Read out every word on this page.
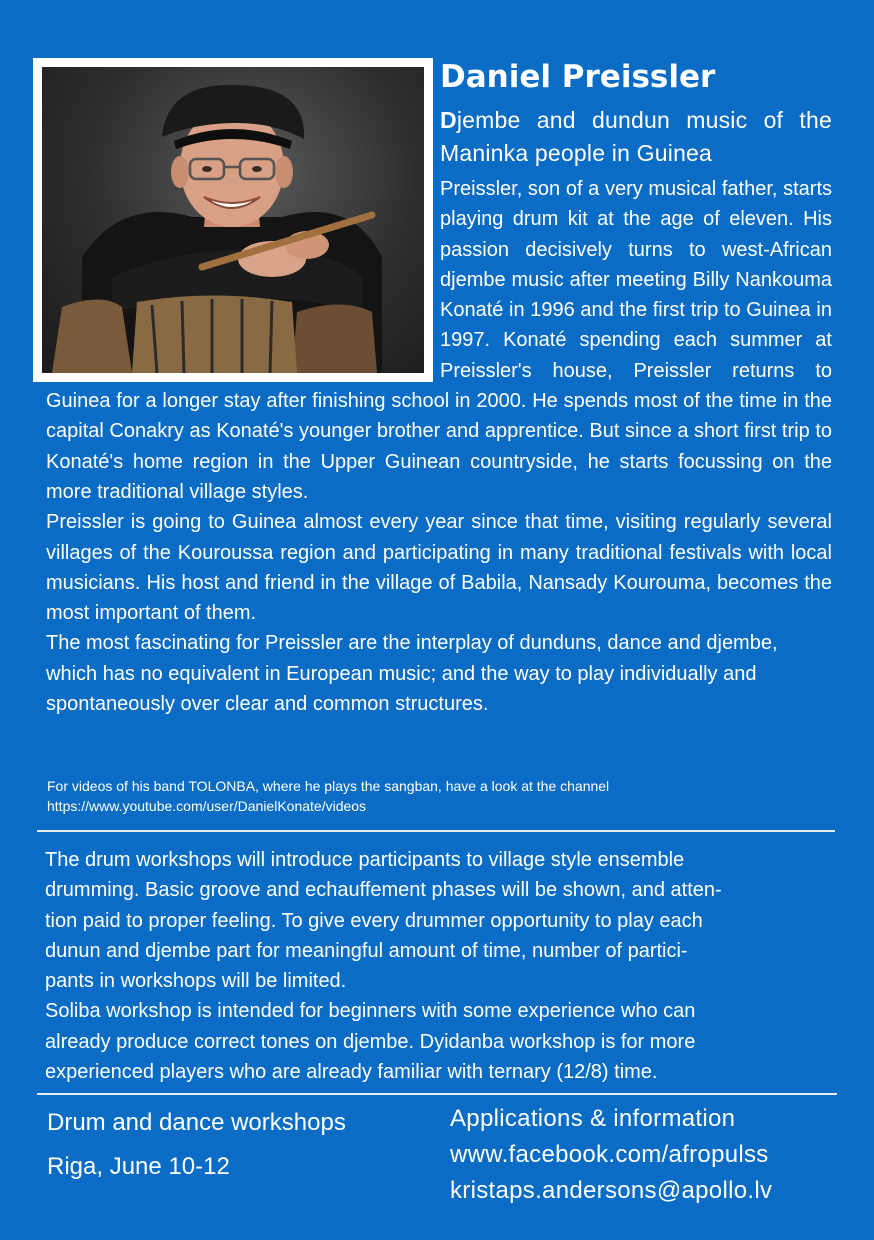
Daniel Preissler
Djembe and dundun music of the Maninka people in Guinea

Preissler, son of a very musical father, starts playing drum kit at the age of eleven. His passion decisively turns to west-African djembe music after meeting Billy Nankouma Konaté in 1996 and the first trip to Guinea in 1997. Konaté spending each summer at Preissler's house, Preissler returns to Guinea for a longer stay after finishing school in 2000. He spends most of the time in the capital Conakry as Konaté's younger brother and apprentice. But since a short first trip to Konaté's home region in the Upper Guinean countryside, he starts focussing on the more traditional village styles.

Preissler is going to Guinea almost every year since that time, visiting regularly several villages of the Kouroussa region and participating in many traditional festivals with local musicians. His host and friend in the village of Babila, Nansady Kourouma, becomes the most important of them.

The most fascinating for Preissler are the interplay of dunduns, dance and djembe, which has no equivalent in European music; and the way to play individually and spontaneously over clear and common structures.

For videos of his band TOLONBA, where he plays the sangban, have a look at the channel
https://www.youtube.com/user/DanielKonate/videos

The drum workshops will introduce participants to village style ensemble

drumming. Basic groove and echauffement phases will be shown, and atten-

tion paid to proper feeling. To give every drummer opportunity to play each

dunun and djembe part for meaningful amount of time, number of partici-

pants in workshops will be limited.

Soliba workshop is intended for beginners with some experience who can

already produce correct tones on djembe. Dyidanba workshop is for more

experienced players who are already familiar with ternary (12/8) time.

Drum and dance workshops
Riga, June 10-12
Applications & information
www.facebook.com/afropulss
kristaps.andersons@apollo.lv
